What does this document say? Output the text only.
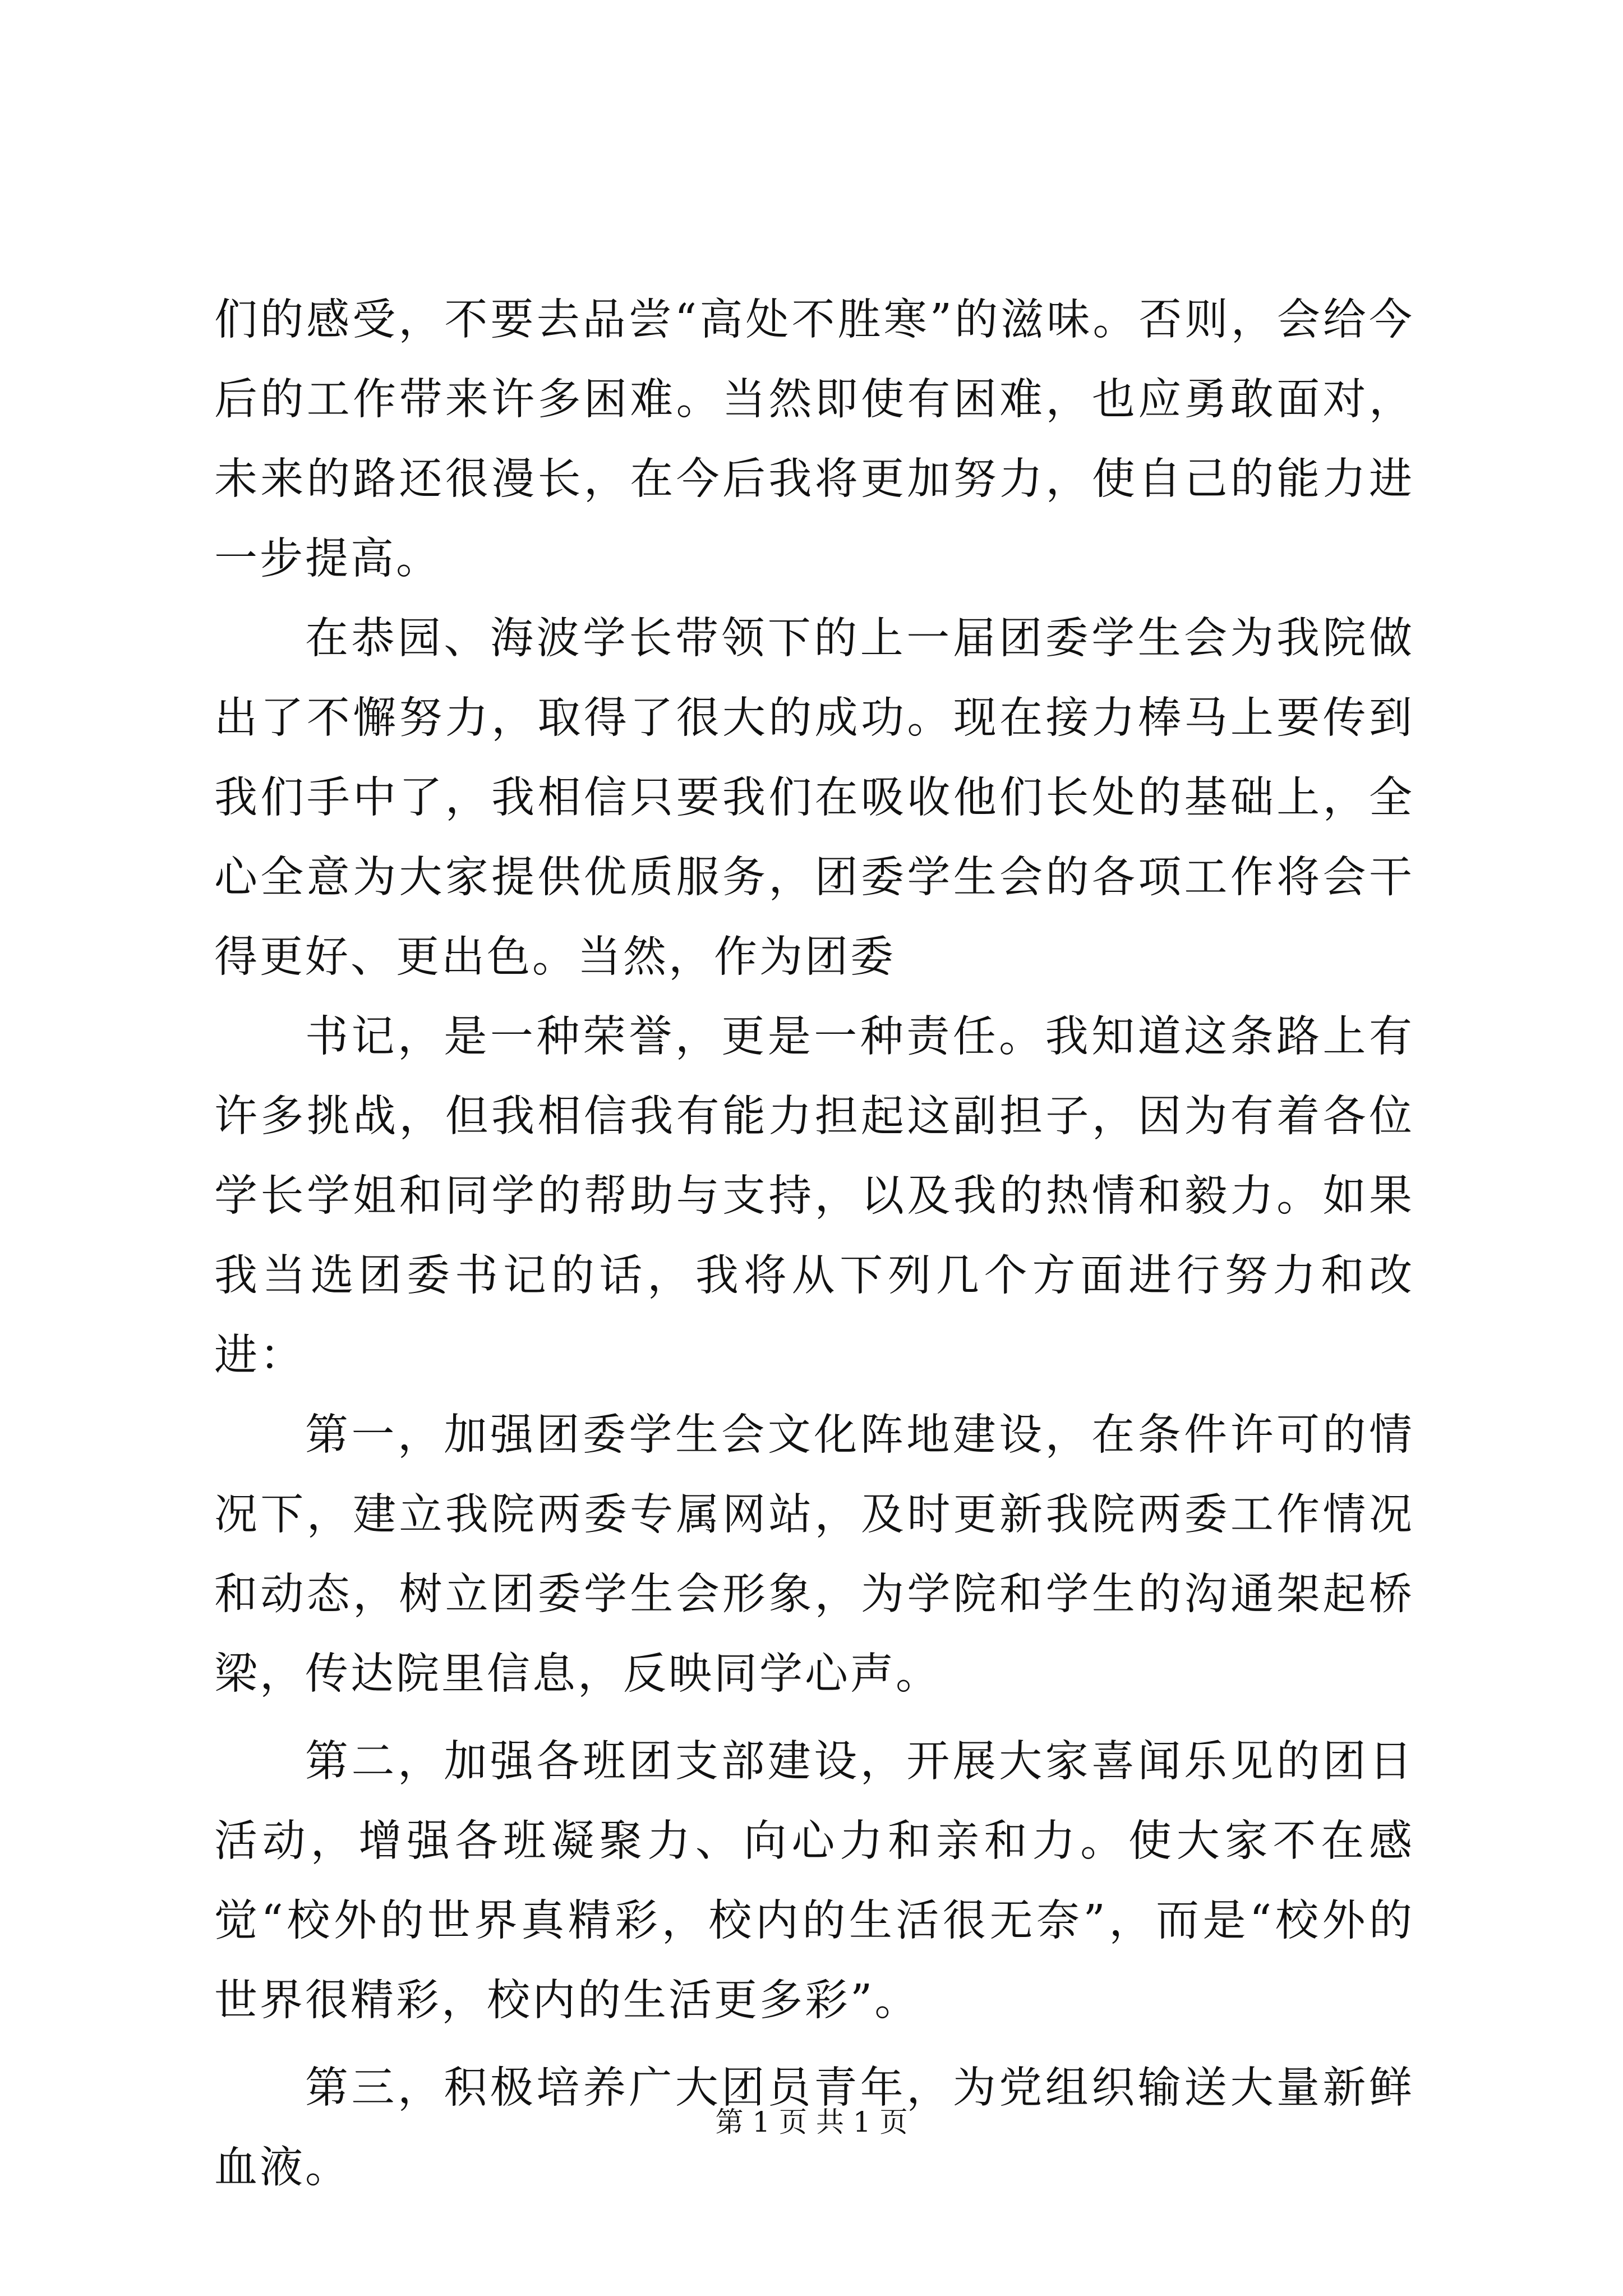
们的感受，不要去品尝“高处不胜寒”的滋味。否则，会给今后的工作带来许多困难。当然即使有困难，也应勇敢面对，未来的路还很漫长，在今后我将更加努力，使自己的能力进一步提高。

在恭园、海波学长带领下的上一届团委学生会为我院做出了不懈努力，取得了很大的成功。现在接力棒马上要传到我们手中了，我相信只要我们在吸收他们长处的基础上，全心全意为大家提供优质服务，团委学生会的各项工作将会干得更好、更出色。当然，作为团委

书记，是一种荣誉，更是一种责任。我知道这条路上有许多挑战，但我相信我有能力担起这副担子，因为有着各位学长学姐和同学的帮助与支持，以及我的热情和毅力。如果我当选团委书记的话，我将从下列几个方面进行努力和改进：

第一，加强团委学生会文化阵地建设，在条件许可的情况下，建立我院两委专属网站，及时更新我院两委工作情况和动态，树立团委学生会形象，为学院和学生的沟通架起桥梁，传达院里信息，反映同学心声。

第二，加强各班团支部建设，开展大家喜闻乐见的团日活动，增强各班凝聚力、向心力和亲和力。使大家不在感觉“校外的世界真精彩，校内的生活很无奈”，而是“校外的世界很精彩，校内的生活更多彩”。

第三，积极培养广大团员青年，为党组织输送大量新鲜血液。

第 1 页 共 1 页
